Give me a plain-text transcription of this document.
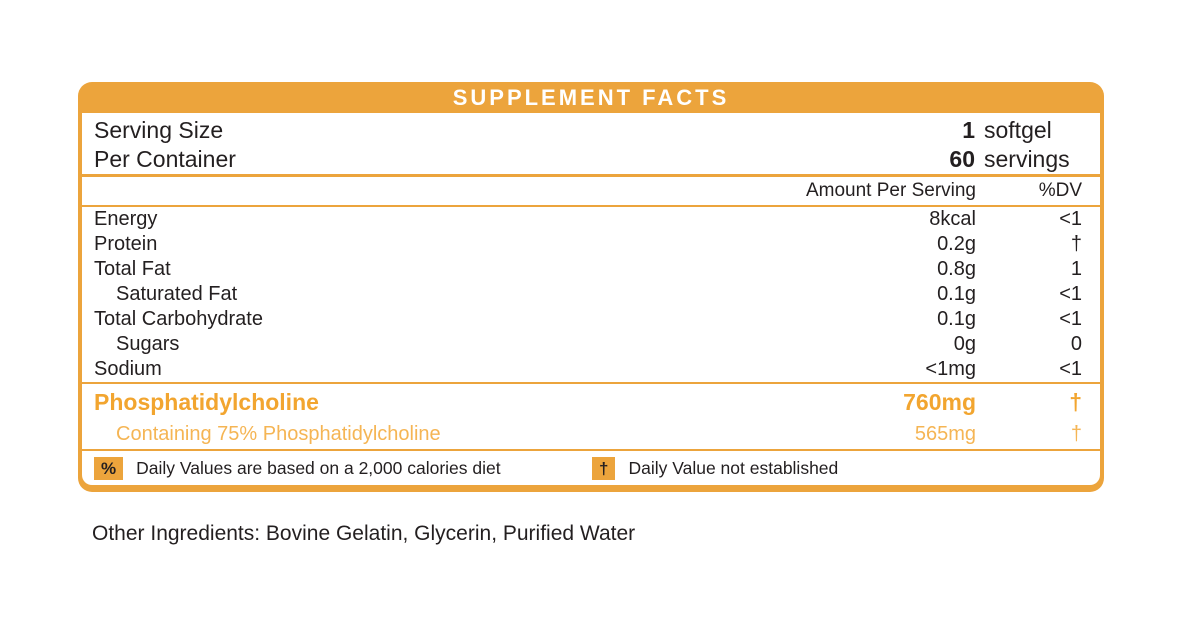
SUPPLEMENT FACTS
Serving Size	1 softgel
Per Container	60 servings
Amount Per Serving	%DV
Energy	8kcal	<1
Protein	0.2g	†
Total Fat	0.8g	1
Saturated Fat	0.1g	<1
Total Carbohydrate	0.1g	<1
Sugars	0g	0
Sodium	<1mg	<1
Phosphatidylcholine	760mg	†
Containing 75% Phosphatidylcholine	565mg	†
%	Daily Values are based on a 2,000 calories diet	†	Daily Value not established
Other Ingredients: Bovine Gelatin, Glycerin, Purified Water
